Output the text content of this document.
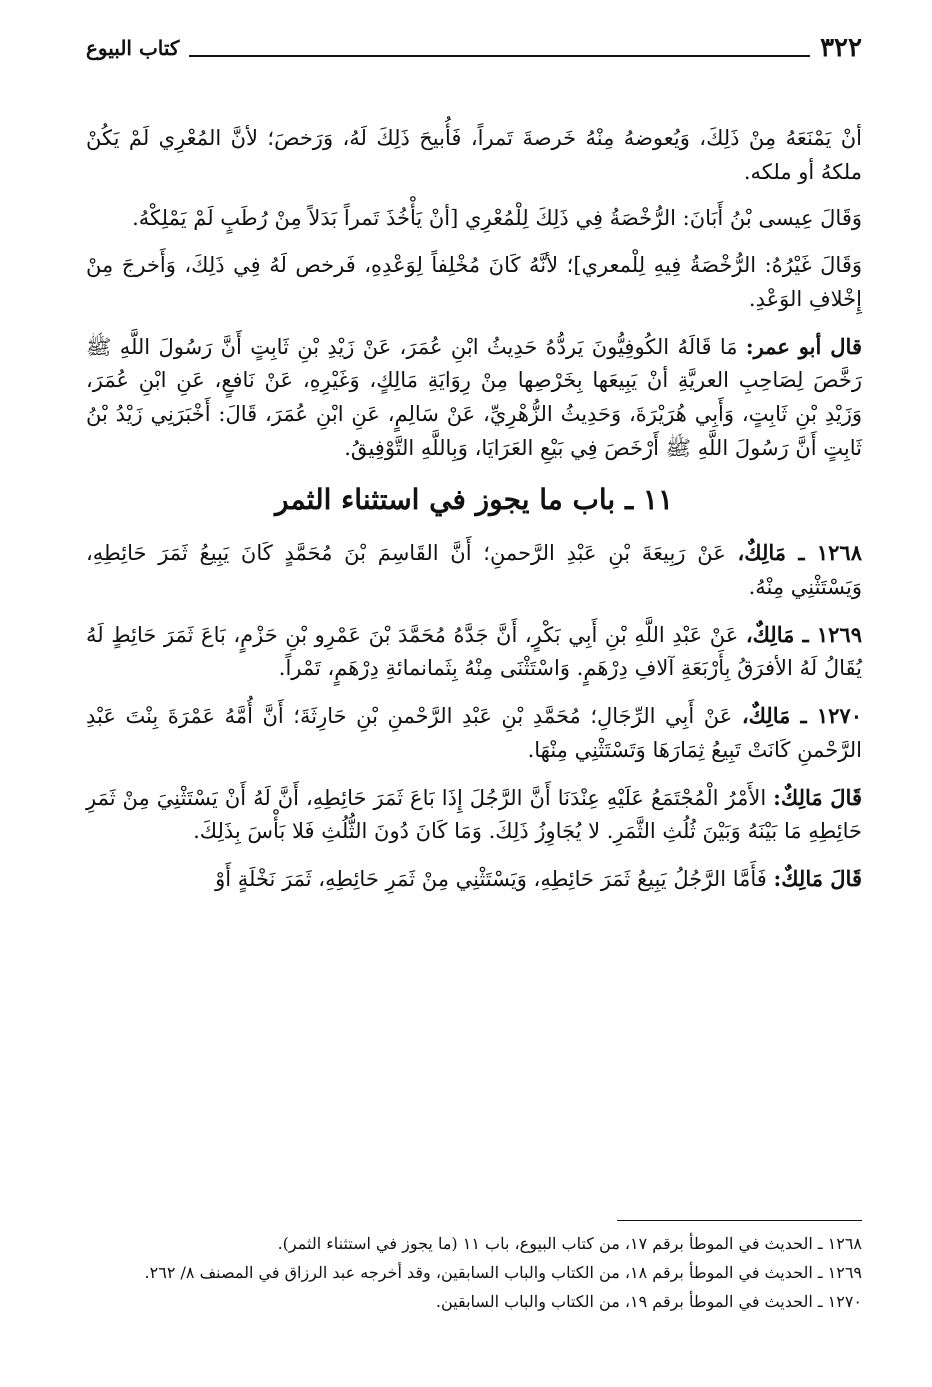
٣٢٢
كتاب البيوع

أنْ يَمْنَعَهُ مِنْ ذَلِكَ، وَيُعوضهُ مِنْهُ خَرصةَ تَمراً، فَأُبيحَ ذَلِكَ لَهُ، وَرَخصَ؛ لأنَّ المُعْرِي لَمْ يَكُنْ ملكهُ أو ملكه.

وَقَالَ عِيسى بْنُ أَبَانَ: الرُّخْصَةُ فِي ذَلِكَ لِلْمُعْرِي [أنْ يَأْخُذَ تَمراً بَدَلاً مِنْ رُطَبٍ لَمْ يَمْلِكْهُ.

وَقَالَ غَيْرُهُ: الرُّخْصَةُ فِيهِ لِلْمعري]؛ لأنَّهُ كَانَ مُخْلِفاً لِوَعْدِهِ، فَرخص لَهُ فِي ذَلِكَ، وَأَخرجَ مِنْ إِخْلافِ الوَعْدِ.

قال أبو عمر: مَا قَالَهُ الكُوفِيُّونَ يَردُّهُ حَدِيثُ ابْنِ عُمَرَ، عَنْ زَيْدِ بْنِ ثَابِتٍ أَنَّ رَسُولَ اللَّهِ ﷺ رَخَّصَ لِصَاحِبِ العريَّةِ أنْ يَبِيعَها بِخَرْصِها مِنْ رِوَايَةِ مَالِكٍ، وَغَيْرِهِ، عَنْ نَافعٍ، عَنِ ابْنِ عُمَرَ، وَزَيْدِ بْنِ ثَابِتٍ، وَأَبِي هُرَيْرَةَ، وَحَدِيثُ الزُّهْرِيِّ، عَنْ سَالِمٍ، عَنِ ابْنِ عُمَرَ، قَالَ: أَخْبَرَنِي زَيْدُ بْنُ ثَابِتٍ أَنَّ رَسُولَ اللَّهِ ﷺ أَرْخَصَ فِي بَيْعِ العَرَايَا، وَبِاللَّهِ التَّوْفِيقُ.

١١ ـ باب ما يجوز في استثناء الثمر

١٢٦٨ ـ مَالِكٌ، عَنْ رَبِيعَةَ بْنِ عَبْدِ الرَّحمنِ؛ أَنَّ القَاسِمَ بْنَ مُحَمَّدٍ كَانَ يَبِيعُ ثَمَرَ حَائِطِهِ، وَيَسْتَثْنِي مِنْهُ.

١٢٦٩ ـ مَالِكٌ، عَنْ عَبْدِ اللَّهِ بْنِ أَبِي بَكْرٍ، أَنَّ جَدَّهُ مُحَمَّدَ بْنَ عَمْرِو بْنِ حَزْمٍ، بَاعَ ثَمَرَ حَائِطٍ لَهُ يُقَالُ لَهُ الأفرَقُ بِأَرْبَعَةِ آلافِ دِرْهَمٍ. وَاسْتَثْنَى مِنْهُ بِثَمانمائةِ دِرْهَمٍ، تَمْراً.

١٢٧٠ ـ مَالِكٌ، عَنْ أَبِي الرِّجَالِ؛ مُحَمَّدِ بْنِ عَبْدِ الرَّحْمنِ بْنِ حَارِثَةَ؛ أَنَّ أُمَّهُ عَمْرَةَ بِنْتَ عَبْدِ الرَّحْمنِ كَانَتْ تَبِيعُ ثِمَارَهَا وَتَسْتَثْنِي مِنْهَا.

قَالَ مَالِكٌ: الأَمْرُ الْمُجْتَمَعُ عَلَيْهِ عِنْدَنَا أَنَّ الرَّجُلَ إِذَا بَاعَ ثَمَرَ حَائِطِهِ، أَنَّ لَهُ أَنْ يَسْتَثْنِيَ مِنْ ثَمَرِ حَائِطِهِ مَا بَيْنَهُ وَبَيْنَ ثُلُثِ الثَّمَرِ. لا يُجَاوِزُ ذَلِكَ. وَمَا كَانَ دُونَ الثُّلُثِ فَلا بَأْسَ بِذَلِكَ.

قَالَ مَالِكٌ: فَأَمَّا الرَّجُلُ يَبِيعُ ثَمَرَ حَائِطِهِ، وَيَسْتَثْنِي مِنْ ثَمَرِ حَائِطِهِ، ثَمَرَ نَخْلَةٍ أَوْ

١٢٦٨ ـ الحديث في الموطأ برقم ١٧، من كتاب البيوع، باب ١١ (ما يجوز في استثناء الثمر).

١٢٦٩ ـ الحديث في الموطأ برقم ١٨، من الكتاب والباب السابقين، وقد أخرجه عبد الرزاق في المصنف ٨/ ٢٦٢.

١٢٧٠ ـ الحديث في الموطأ برقم ١٩، من الكتاب والباب السابقين.
